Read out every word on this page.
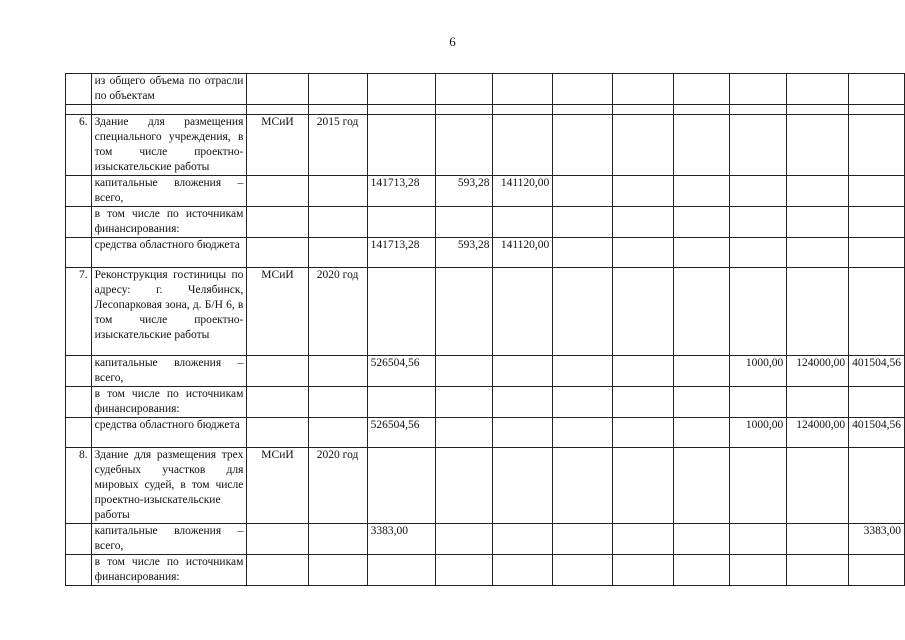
6
	из общего объема по отрасли по объектам											

6.	Здание для размещения специального учреждения, в том числе проектно-изыскательские работы	МСиИ	2015 год									
	капитальные вложения – всего,			141713,28	593,28	141120,00						
	в том числе по источникам финансирования:											
	средства областного бюджета			141713,28	593,28	141120,00						
7.	Реконструкция гостиницы по адресу: г. Челябинск, Лесопарковая зона, д. Б/Н 6, в том числе проектно-изыскательские работы	МСиИ	2020 год									
	капитальные вложения – всего,			526504,56						1000,00	124000,00	401504,56
	в том числе по источникам финансирования:											
	средства областного бюджета			526504,56						1000,00	124000,00	401504,56
8.	Здание для размещения трех судебных участков для мировых судей, в том числе проектно-изыскательские работы	МСиИ	2020 год									
	капитальные вложения – всего,			3383,00								3383,00
	в том числе по источникам финансирования:											
